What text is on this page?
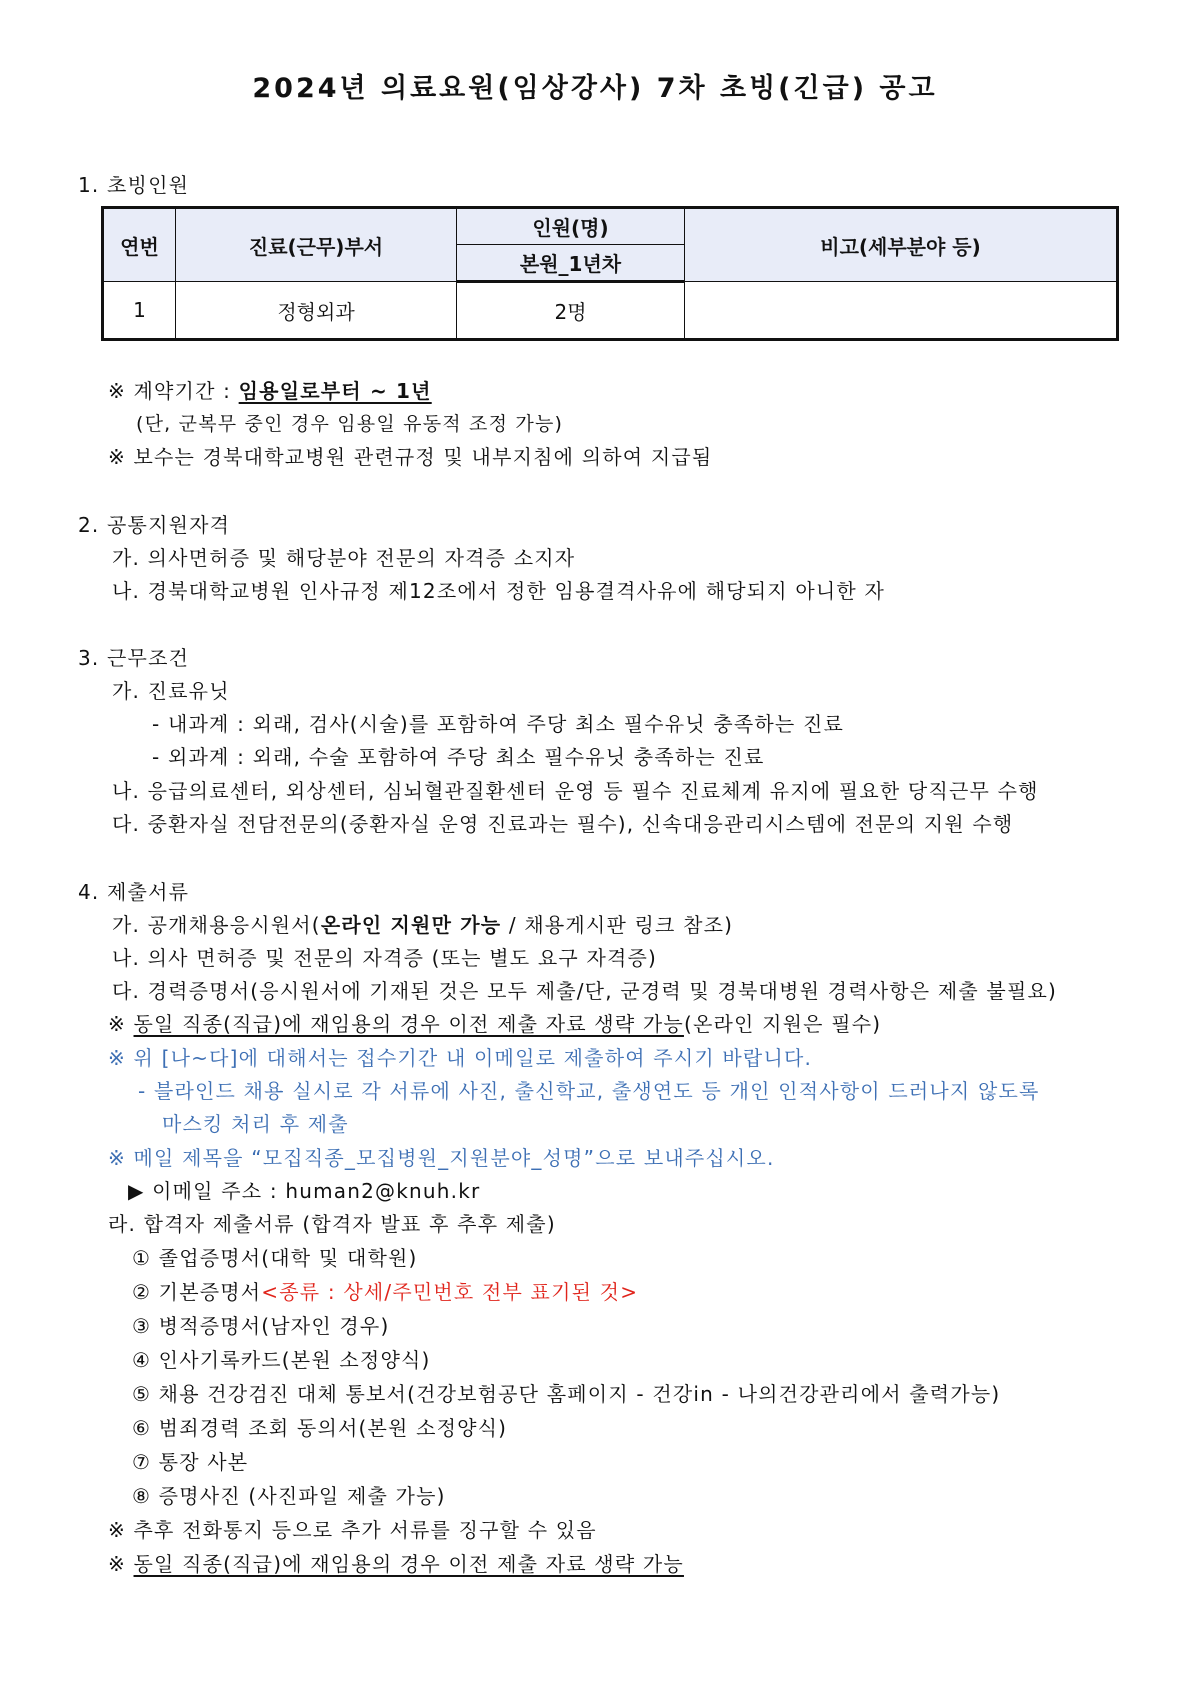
2024년 의료요원(임상강사) 7차 초빙(긴급) 공고
1. 초빙인원
연번	진료(근무)부서	인원(명)	비고(세부분야 등)
		본원_1년차	
1	정형외과	2명	
※ 계약기간 : 임용일로부터 ~ 1년
(단, 군복무 중인 경우 임용일 유동적 조정 가능)
※ 보수는 경북대학교병원 관련규정 및 내부지침에 의하여 지급됨
2. 공통지원자격
가. 의사면허증 및 해당분야 전문의 자격증 소지자
나. 경북대학교병원 인사규정 제12조에서 정한 임용결격사유에 해당되지 아니한 자
3. 근무조건
가. 진료유닛
- 내과계 : 외래, 검사(시술)를 포함하여 주당 최소 필수유닛 충족하는 진료
- 외과계 : 외래, 수술 포함하여 주당 최소 필수유닛 충족하는 진료
나. 응급의료센터, 외상센터, 심뇌혈관질환센터 운영 등 필수 진료체계 유지에 필요한 당직근무 수행
다. 중환자실 전담전문의(중환자실 운영 진료과는 필수), 신속대응관리시스템에 전문의 지원 수행
4. 제출서류
가. 공개채용응시원서(온라인 지원만 가능 / 채용게시판 링크 참조)
나. 의사 면허증 및 전문의 자격증 (또는 별도 요구 자격증)
다. 경력증명서(응시원서에 기재된 것은 모두 제출/단, 군경력 및 경북대병원 경력사항은 제출 불필요)
※ 동일 직종(직급)에 재임용의 경우 이전 제출 자료 생략 가능(온라인 지원은 필수)
※ 위 [나~다]에 대해서는 접수기간 내 이메일로 제출하여 주시기 바랍니다.
- 블라인드 채용 실시로 각 서류에 사진, 출신학교, 출생연도 등 개인 인적사항이 드러나지 않도록
마스킹 처리 후 제출
※ 메일 제목을 “모집직종_모집병원_지원분야_성명”으로 보내주십시오.
▶ 이메일 주소 : human2@knuh.kr
라. 합격자 제출서류 (합격자 발표 후 추후 제출)
① 졸업증명서(대학 및 대학원)
② 기본증명서<종류 : 상세/주민번호 전부 표기된 것>
③ 병적증명서(남자인 경우)
④ 인사기록카드(본원 소정양식)
⑤ 채용 건강검진 대체 통보서(건강보험공단 홈페이지 - 건강in - 나의건강관리에서 출력가능)
⑥ 범죄경력 조회 동의서(본원 소정양식)
⑦ 통장 사본
⑧ 증명사진 (사진파일 제출 가능)
※ 추후 전화통지 등으로 추가 서류를 징구할 수 있음
※ 동일 직종(직급)에 재임용의 경우 이전 제출 자료 생략 가능
